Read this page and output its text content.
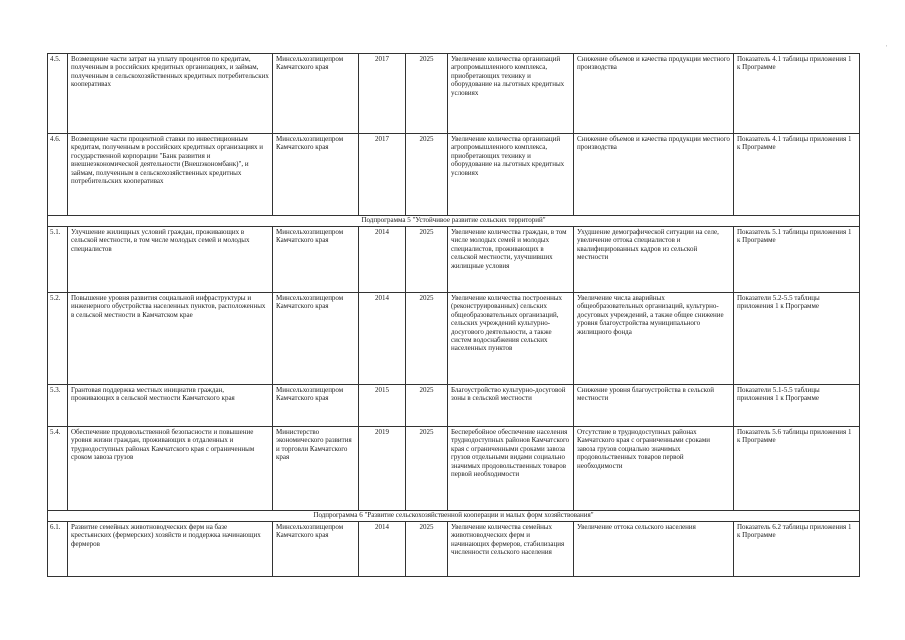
4.5.	Возмещение части затрат на уплату процентов по кредитам, полученным в российских кредитных организациях, и займам, полученным в сельскохозяйственных кредитных потребительских кооперативах	Минсельхозпищепром Камчатского края	2017	2025	Увеличение количества организаций агропромышленного комплекса, приобретающих технику и оборудование на льготных кредитных условиях	Снижение объемов и качества продукции местного производства	Показатель 4.1 таблицы приложения 1 к Программе
4.6.	Возмещение части процентной ставки по инвестиционным кредитам, полученным в российских кредитных организациях и государственной корпорации "Банк развития и внешнеэкономической деятельности (Внешэкономбанк)", и займам, полученным в сельскохозяйственных кредитных потребительских кооперативах	Минсельхозпищепром Камчатского края	2017	2025	Увеличение количества организаций агропромышленного комплекса, приобретающих технику и оборудование на льготных кредитных условиях	Снижение объемов и качества продукции местного производства	Показатель 4.1 таблицы приложения 1 к Программе
Подпрограмма 5 "Устойчивое развитие сельских территорий"							
5.1.	Улучшение жилищных условий граждан, проживающих в сельской местности, в том числе молодых семей и молодых специалистов	Минсельхозпищепром Камчатского края	2014	2025	Увеличение количества граждан, в том числе молодых семей и молодых специалистов, проживающих в сельской местности, улучшивших жилищные условия	Ухудшение демографической ситуации на селе, увеличение оттока специалистов и квалифицированных кадров из сельской местности	Показатель 5.1 таблицы приложения 1 к Программе
5.2.	Повышение уровня развития социальной инфраструктуры и инженерного обустройства населенных пунктов, расположенных в сельской местности в Камчатском крае	Минсельхозпищепром Камчатского края	2014	2025	Увеличение количества построенных (реконструированных) сельских общеобразовательных организаций, сельских учреждений культурно-досугового деятельности, а также систем водоснабжения сельских населенных пунктов	Увеличение числа аварийных общеобразовательных организаций, культурно-досуговых учреждений, а также общее снижение уровня благоустройства муниципального жилищного фонда	Показатели 5.2-5.5 таблицы приложения 1 к Программе
5.3.	Грантовая поддержка местных инициатив граждан, проживающих в сельской местности Камчатского края	Минсельхозпищепром Камчатского края	2015	2025	Благоустройство культурно-досуговой зоны в сельской местности	Снижение уровня благоустройства в сельской местности	Показатели 5.1-5.5 таблицы приложения 1 к Программе
5.4.	Обеспечение продовольственной безопасности и повышение уровня жизни граждан, проживающих в отдаленных и труднодоступных районах Камчатского края с ограниченным сроком завоза грузов	Министерство экономического развития и торговли Камчатского края	2019	2025	Бесперебойное обеспечение населения труднодоступных районов Камчатского края с ограниченными сроками завоза грузов отдельными видами социально значимых продовольственных товаров первой необходимости	Отсутствие в труднодоступных районах Камчатского края с ограниченными сроками завоза грузов социально значимых продовольственных товаров первой необходимости	Показатель 5.6 таблицы приложения 1 к Программе
Подпрограмма 6 "Развитие сельскохозяйственной кооперации и малых форм хозяйствования"							
6.1.	Развитие семейных животноводческих ферм на базе крестьянских (фермерских) хозяйств и поддержка начинающих фермеров	Минсельхозпищепром Камчатского края	2014	2025	Увеличение количества семейных животноводческих ферм и начинающих фермеров, стабилизация численности сельского населения	Увеличение оттока сельского населения	Показатель 6.2 таблицы приложения 1 к Программе
ˈ
